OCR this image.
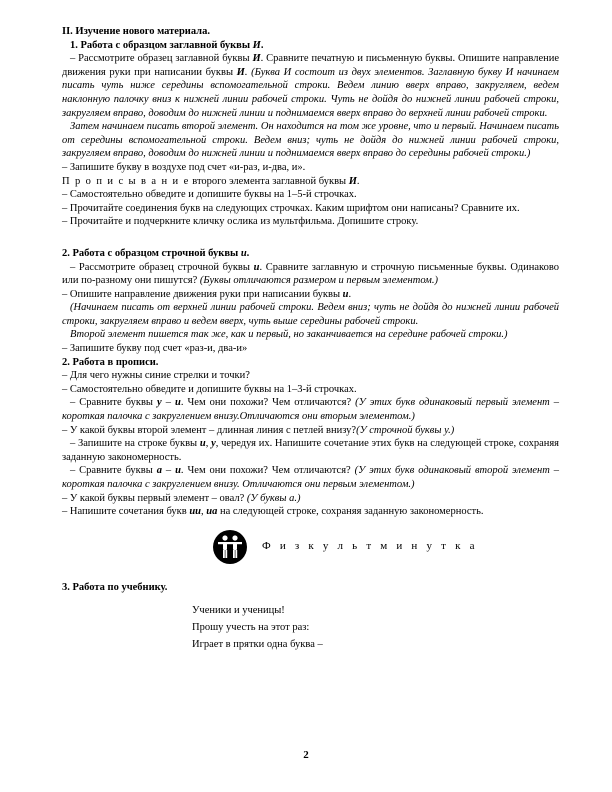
II. Изучение нового материала.

1. Работа с образцом заглавной буквы И.

– Рассмотрите образец заглавной буквы И. Сравните печатную и письменную буквы. Опишите направление движения руки при написании буквы И. (Буква И состоит из двух элементов. Заглавную букву И начинаем писать чуть ниже середины вспомогательной строки. Ведем линию вверх вправо, закругляем, ведем наклонную палочку вниз к нижней линии рабочей строки. Чуть не дойдя до нижней линии рабочей строки, закругляем вправо, доводим до нижней линии и поднимаемся вверх вправо до верхней линии рабочей строки.

Затем начинаем писать второй элемент. Он находится на том же уровне, что и первый. Начинаем писать от середины вспомогательной строки. Ведем вниз; чуть не дойдя до нижней линии рабочей строки, закругляем вправо, доводим до нижней линии и поднимаемся вверх вправо до середины рабочей строки.)

– Запишите букву в воздухе под счет «и-раз, и-два, и».

П р о п и с ы в а н и е второго элемента заглавной буквы И.

– Самостоятельно обведите и допишите буквы на 1–5-й строчках.

– Прочитайте соединения букв на следующих строчках. Каким шрифтом они написаны? Сравните их.

– Прочитайте и подчеркните кличку ослика из мультфильма. Допишите строку.

2. Работа с образцом строчной буквы и.

– Рассмотрите образец строчной буквы и. Сравните заглавную и строчную письменные буквы. Одинаково или по-разному они пишутся? (Буквы отличаются размером и первым элементом.)

– Опишите направление движения руки при написании буквы и.

(Начинаем писать от верхней линии рабочей строки. Ведем вниз; чуть не дойдя до нижней линии рабочей строки, закругляем вправо и ведем вверх, чуть выше середины рабочей строки.

Второй элемент пишется так же, как и первый, но заканчивается на середине рабочей строки.)

– Запишите букву под счет «раз-и, два-и»

2. Работа в прописи.

– Для чего нужны синие стрелки и точки?

– Самостоятельно обведите и допишите буквы на 1–3-й строчках.

– Сравните буквы у – и. Чем они похожи? Чем отличаются? (У этих букв одинаковый первый элемент – короткая палочка с закруглением внизу.Отличаются они вторым элементом.)

– У какой буквы второй элемент – длинная линия с петлей внизу?(У строчной буквы у.)

– Запишите на строке буквы и, у, чередуя их. Напишите сочетание этих букв на следующей строке, сохраняя заданную закономерность.

– Сравните буквы а – и. Чем они похожи? Чем отличаются? (У этих букв одинаковый второй элемент – короткая палочка с закруглением внизу. Отличаются они первым элементом.)

– У какой буквы первый элемент – овал? (У буквы а.)

– Напишите сочетания букв ии, иа на следующей строке, сохраняя заданную закономерность.

Ф и з к у л ь т м и н у т к а

3. Работа по учебнику.

Ученики и ученицы!
Прошу учесть на этот раз:
Играет в прятки одна буква –
2
